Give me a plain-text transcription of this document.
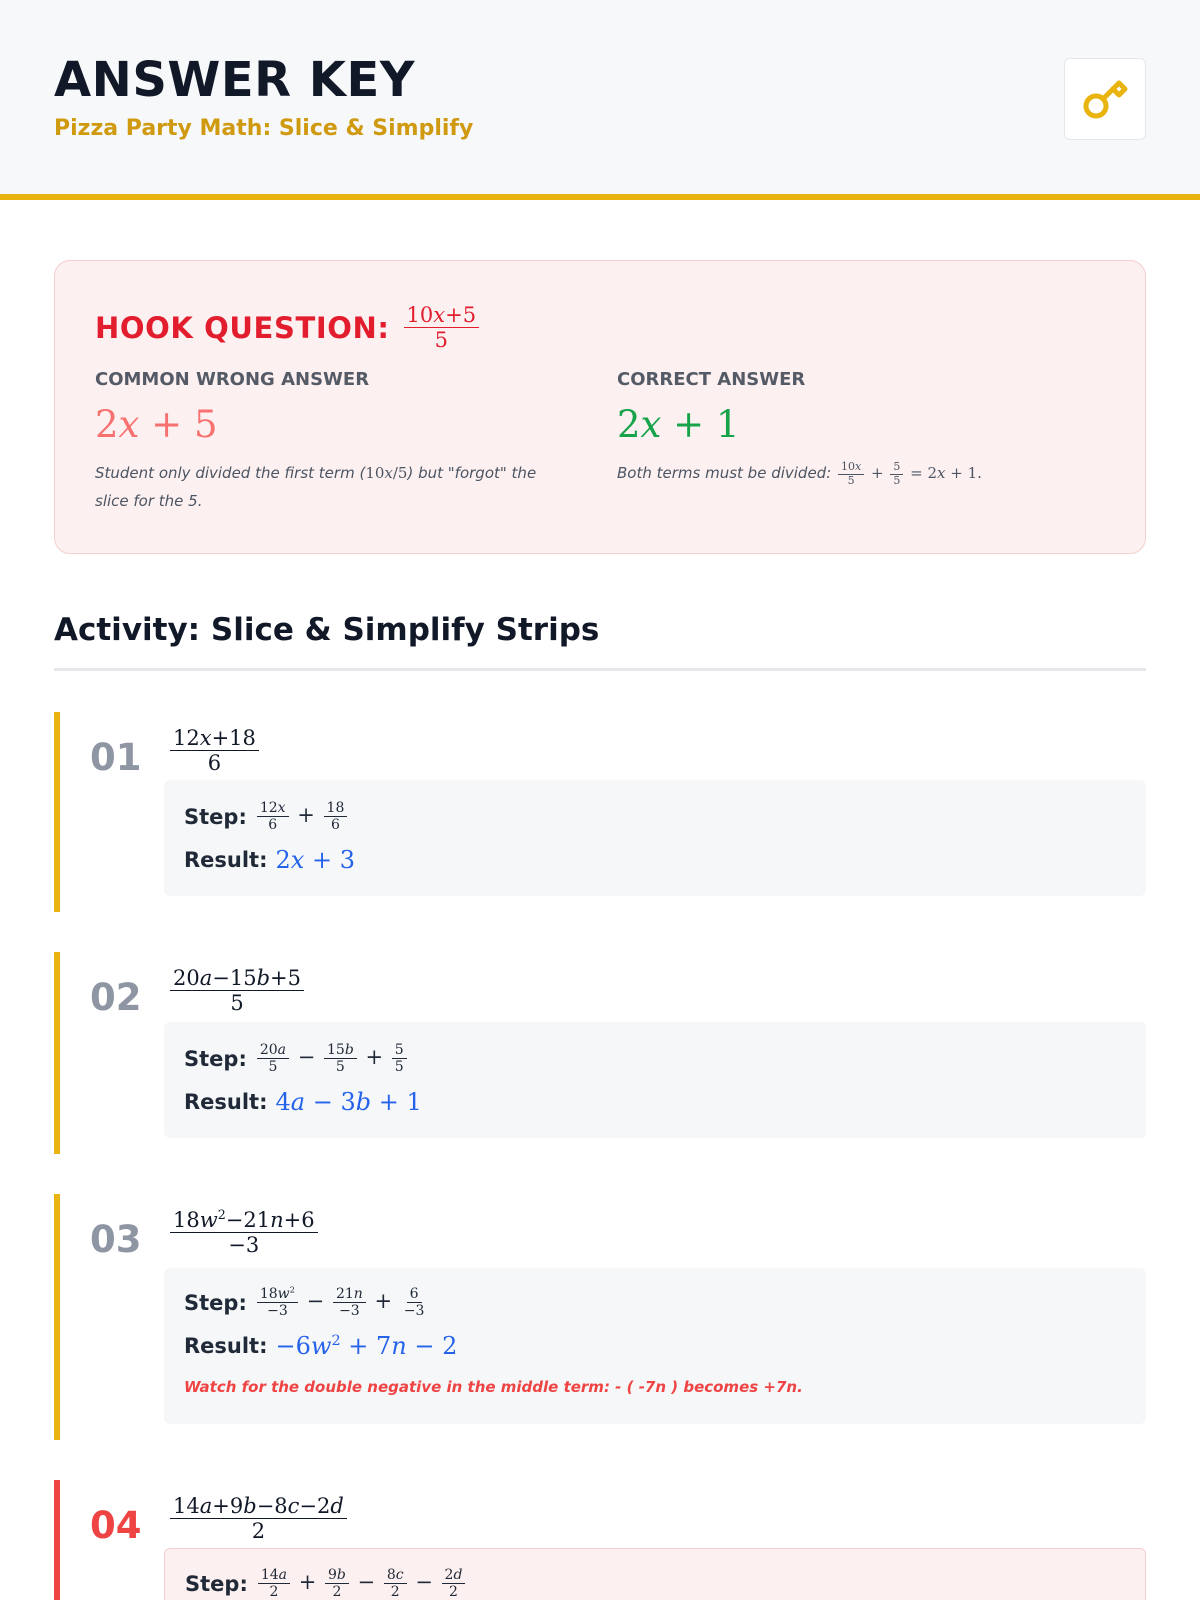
ANSWER KEY
Pizza Party Math: Slice & Simplify
HOOK QUESTION: $\frac{10x+5}{5}$
COMMON WRONG ANSWER
2x + 5
Student only divided the first term (10x/5) but "forgot" the slice for the 5.
CORRECT ANSWER
2x + 1
Both terms must be divided: $\frac{10x}{5} + \frac{5}{5} = 2x + 1$.
Activity: Slice & Simplify Strips
$01 \frac{12x+18}{6}$
Step: $\frac{12x}{6} + \frac{18}{6}$
Result: 2x + 3
$02 \frac{20a-15b+5}{5}$
Step: $\frac{20a}{5} - \frac{15b}{5} + \frac{5}{5}$
Result: 4a − 3b + 1
$03 \frac{18w^2-21n+6}{-3}$
Step: $\frac{18w^2}{-3} - \frac{21n}{-3} + \frac{6}{-3}$
Result: $-6w^2 + 7n - 2$
Watch for the double negative in the middle term: - ( -7n ) becomes +7n.
$04 \frac{14a+9b-8c-2d}{2}$
Step: $\frac{14a}{2} + \frac{9b}{2} - \frac{8c}{2} - \frac{2d}{2}$
